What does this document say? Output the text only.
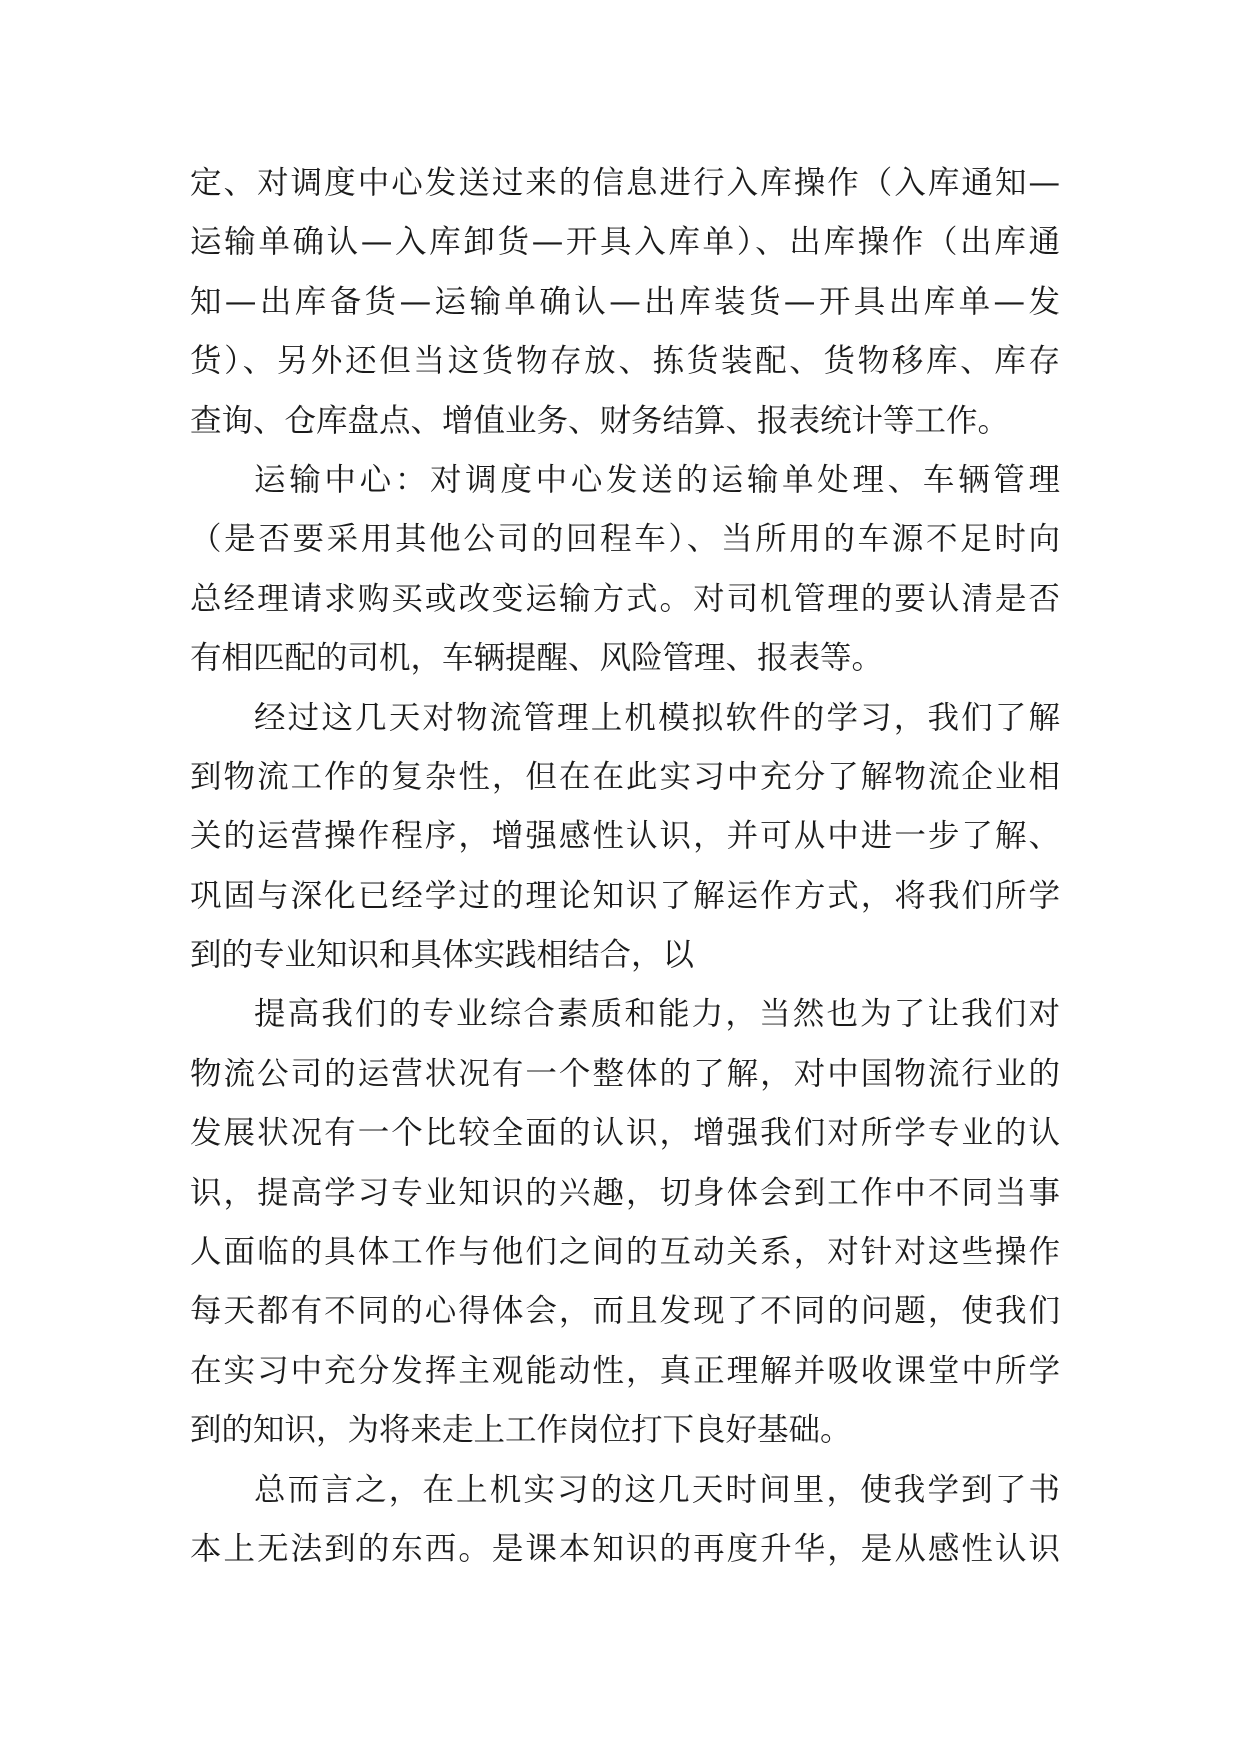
定、对调度中心发送过来的信息进行入库操作（入库通知—
运输单确认—入库卸货—开具入库单）、出库操作（出库通
知—出库备货—运输单确认—出库装货—开具出库单—发
货）、另外还但当这货物存放、拣货装配、货物移库、库存
查询、仓库盘点、增值业务、财务结算、报表统计等工作。
运输中心：对调度中心发送的运输单处理、车辆管理
（是否要采用其他公司的回程车）、当所用的车源不足时向
总经理请求购买或改变运输方式。对司机管理的要认清是否
有相匹配的司机，车辆提醒、风险管理、报表等。
经过这几天对物流管理上机模拟软件的学习，我们了解
到物流工作的复杂性，但在在此实习中充分了解物流企业相
关的运营操作程序，增强感性认识，并可从中进一步了解、
巩固与深化已经学过的理论知识了解运作方式，将我们所学
到的专业知识和具体实践相结合，以
提高我们的专业综合素质和能力，当然也为了让我们对
物流公司的运营状况有一个整体的了解，对中国物流行业的
发展状况有一个比较全面的认识，增强我们对所学专业的认
识，提高学习专业知识的兴趣，切身体会到工作中不同当事
人面临的具体工作与他们之间的互动关系，对针对这些操作
每天都有不同的心得体会，而且发现了不同的问题，使我们
在实习中充分发挥主观能动性，真正理解并吸收课堂中所学
到的知识，为将来走上工作岗位打下良好基础。
总而言之，在上机实习的这几天时间里，使我学到了书
本上无法到的东西。是课本知识的再度升华，是从感性认识
